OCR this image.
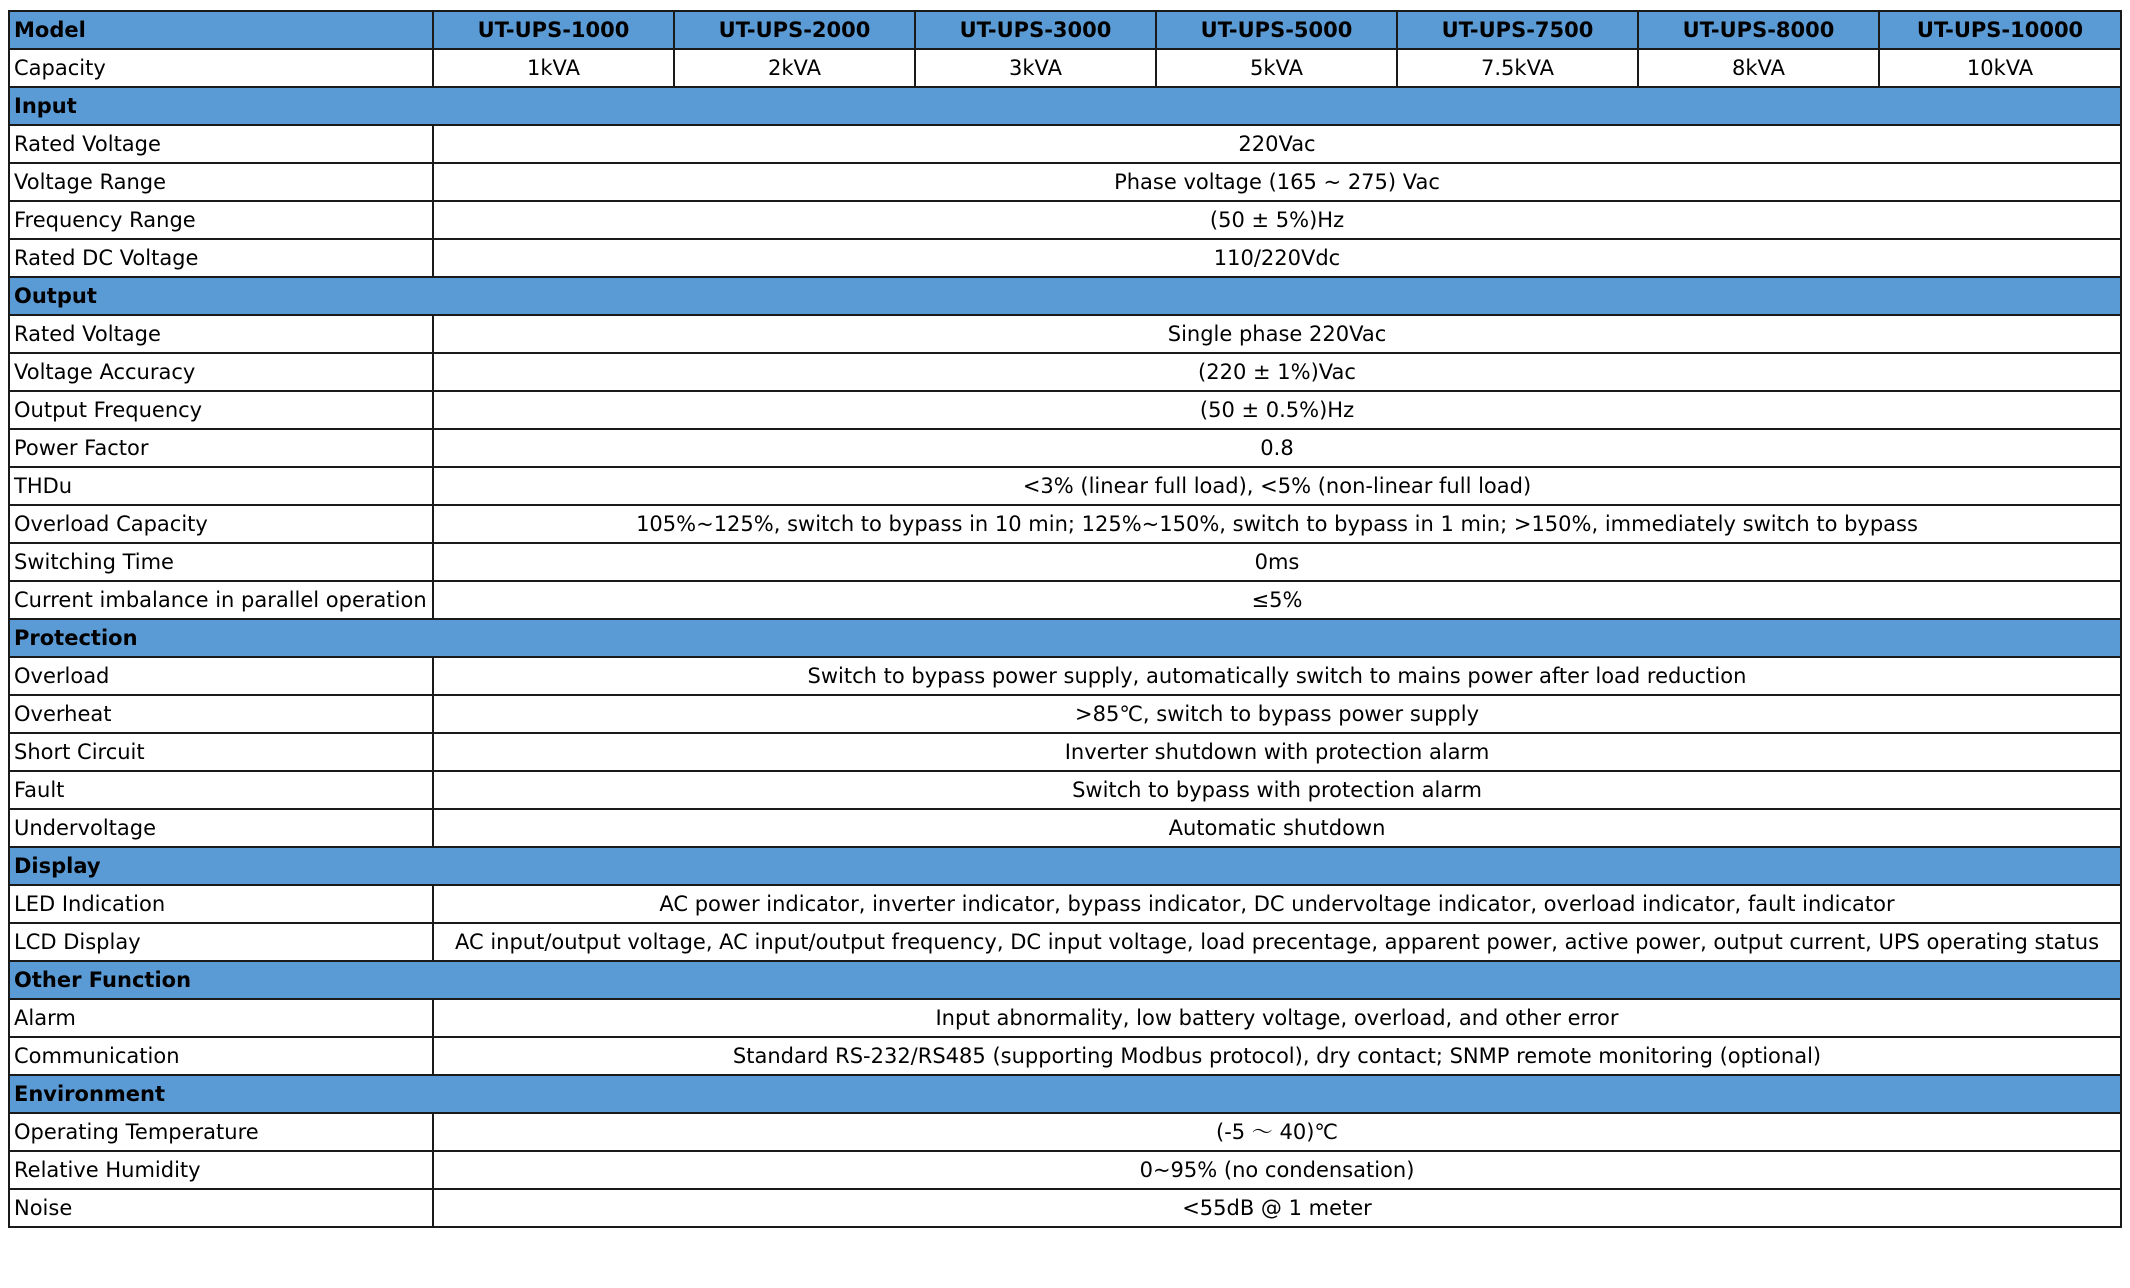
Model	UT-UPS-1000	UT-UPS-2000	UT-UPS-3000	UT-UPS-5000	UT-UPS-7500	UT-UPS-8000	UT-UPS-10000
Capacity	1kVA	2kVA	3kVA	5kVA	7.5kVA	8kVA	10kVA
Input							
Rated Voltage	220Vac						
Voltage Range	Phase voltage (165 ~ 275) Vac						
Frequency Range	(50 ± 5%)Hz						
Rated DC Voltage	110/220Vdc						
Output							
Rated Voltage	Single phase 220Vac						
Voltage Accuracy	(220 ± 1%)Vac						
Output Frequency	(50 ± 0.5%)Hz						
Power Factor	0.8						
THDu	<3% (linear full load), <5% (non-linear full load)						
Overload Capacity	105%~125%, switch to bypass in 10 min; 125%~150%, switch to bypass in 1 min; >150%, immediately switch to bypass						
Switching Time	0ms						
Current imbalance in parallel operation	≤5%						
Protection							
Overload	Switch to bypass power supply, automatically switch to mains power after load reduction						
Overheat	>85℃, switch to bypass power supply						
Short Circuit	Inverter shutdown with protection alarm						
Fault	Switch to bypass with protection alarm						
Undervoltage	Automatic shutdown						
Display							
LED Indication	AC power indicator, inverter indicator, bypass indicator, DC undervoltage indicator, overload indicator, fault indicator						
LCD Display	AC input/output voltage, AC input/output frequency, DC input voltage, load precentage, apparent power, active power, output current, UPS operating status						
Other Function							
Alarm	Input abnormality, low battery voltage, overload, and other error						
Communication	Standard RS-232/RS485 (supporting Modbus protocol), dry contact; SNMP remote monitoring (optional)						
Environment							
Operating Temperature	(-5 ～ 40)℃						
Relative Humidity	0~95% (no condensation)						
Noise	<55dB @ 1 meter						
